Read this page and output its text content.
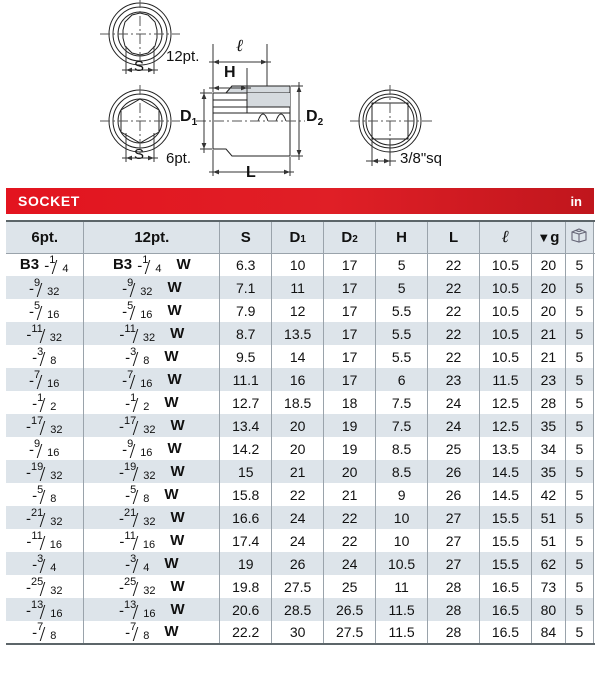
S
S
12pt.
6pt.
ℓ
H
$D_1$	$D_2$
L
3/8"sq
SOCKET	in
6pt.	12pt.	S	D1	D2	H	L	ℓ	▼g		
B3 -$^1$4	B3 -$^1$4 W	6.3	10	17	5	22	10.5	20	5	
-$^9$32	-$^9$32 W	7.1	11	17	5	22	10.5	20	5	
-$^5$16	-$^5$16 W	7.9	12	17	5.5	22	10.5	20	5	
-$^{11}$32	-$^{11}$32 W	8.7	13.5	17	5.5	22	10.5	21	5	
-$^3$8	-$^3$8 W	9.5	14	17	5.5	22	10.5	21	5	
-$^7$16	-$^7$16 W	11.1	16	17	6	23	11.5	23	5	
-$^1$2	-$^1$2 W	12.7	18.5	18	7.5	24	12.5	28	5	
-$^{17}$32	-$^{17}$32 W	13.4	20	19	7.5	24	12.5	35	5	
-$^9$16	-$^9$16 W	14.2	20	19	8.5	25	13.5	34	5	
-$^{19}$32	-$^{19}$32 W	15	21	20	8.5	26	14.5	35	5	
-$^5$8	-$^5$8 W	15.8	22	21	9	26	14.5	42	5	
-$^{21}$32	-$^{21}$32 W	16.6	24	22	10	27	15.5	51	5	
-$^{11}$16	-$^{11}$16 W	17.4	24	22	10	27	15.5	51	5	
-$^3$4	-$^3$4 W	19	26	24	10.5	27	15.5	62	5	
-$^{25}$32	-$^{25}$32 W	19.8	27.5	25	11	28	16.5	73	5	
-$^{13}$16	-$^{13}$16 W	20.6	28.5	26.5	11.5	28	16.5	80	5	
-$^7$8	-$^7$8 W	22.2	30	27.5	11.5	28	16.5	84	5	
